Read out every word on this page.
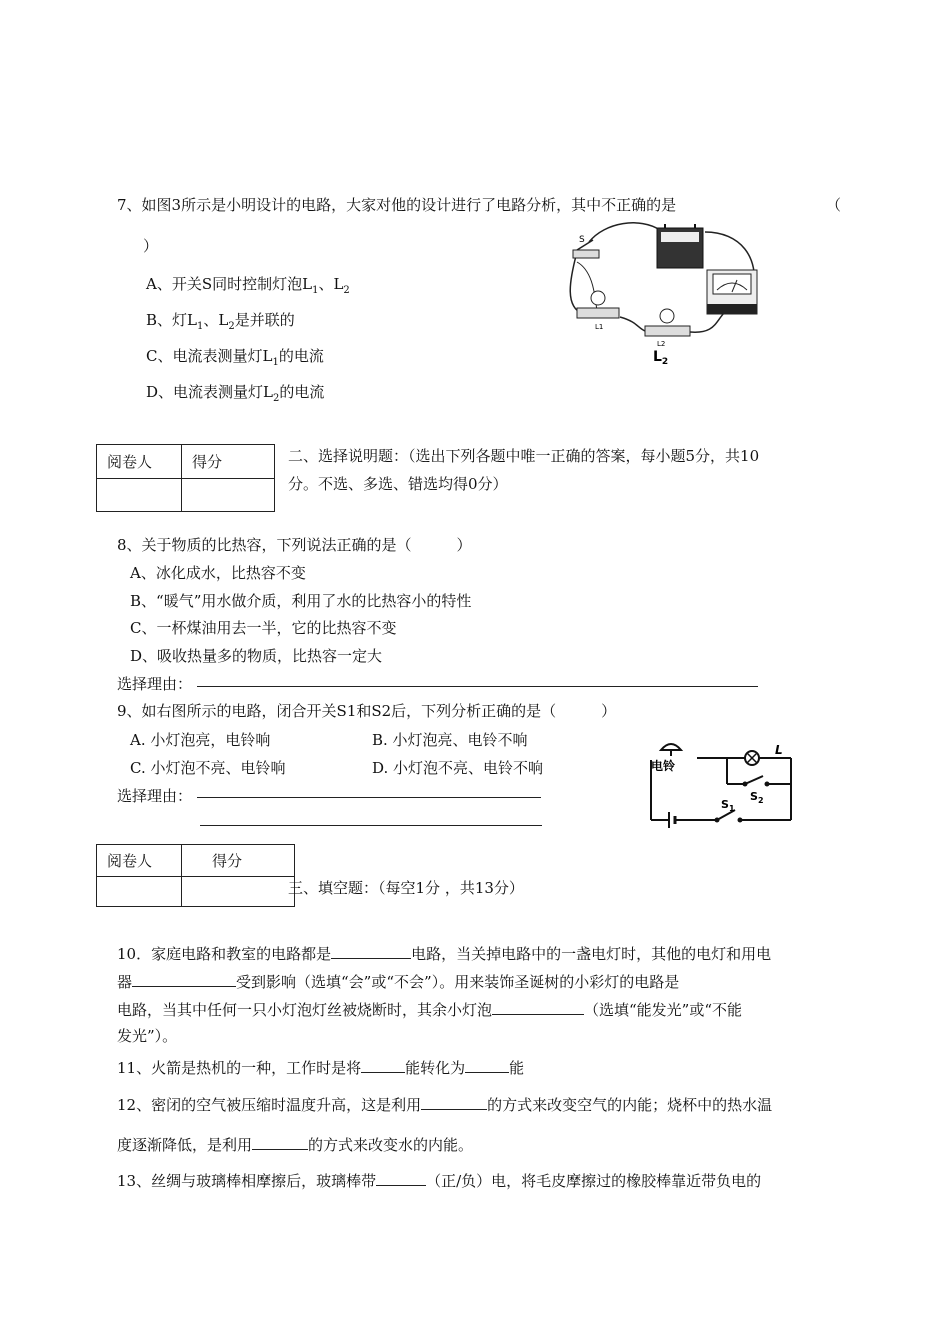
7、如图3所示是小明设计的电路，大家对他的设计进行了电路分析，其中不正确的是	（
）
A、开关S同时控制灯泡$L_1$、$L_2$
B、灯$L_1$、$L_2$是并联的
C、电流表测量灯$L_1$的电流
D、电流表测量灯$L_2$的电流
S
L1
L2
$L_2$
阅卷人	得分
		二、选择说明题：（选出下列各题中唯一正确的答案，每小题5分，共10
分。不选、多选、错选均得0分）
8、关于物质的比热容，下列说法正确的是（　　　）
A、冰化成水，比热容不变
B、“暖气”用水做介质，利用了水的比热容小的特性
C、一杯煤油用去一半，它的比热容不变
D、吸收热量多的物质，比热容一定大
选择理由：
9、如右图所示的电路，闭合开关S1和S2后，下列分析正确的是（　　　）
A. 小灯泡亮，电铃响	B. 小灯泡亮、电铃不响
C. 小灯泡不亮、电铃响	D. 小灯泡不亮、电铃不响
选择理由：
电铃
L
$S_2$
$S_1$
阅卷人	得分

三、填空题：（每空1分 ，共13分）
10．家庭电路和教室的电路都是	电路，当关掉电路中的一盏电灯时，其他的电灯和用电
器	受到影响（选填“会”或“不会”）。用来装饰圣诞树的小彩灯的电路是
电路，当其中任何一只小灯泡灯丝被烧断时，其余小灯泡	（选填“能发光”或“不能
发光”）。
11、火箭是热机的一种，工作时是将	能转化为	能
12、密闭的空气被压缩时温度升高，这是利用	的方式来改变空气的内能；烧杯中的热水温
度逐渐降低，是利用	的方式来改变水的内能。
13、丝绸与玻璃棒相摩擦后，玻璃棒带	（正/负）电，将毛皮摩擦过的橡胶棒靠近带负电的
